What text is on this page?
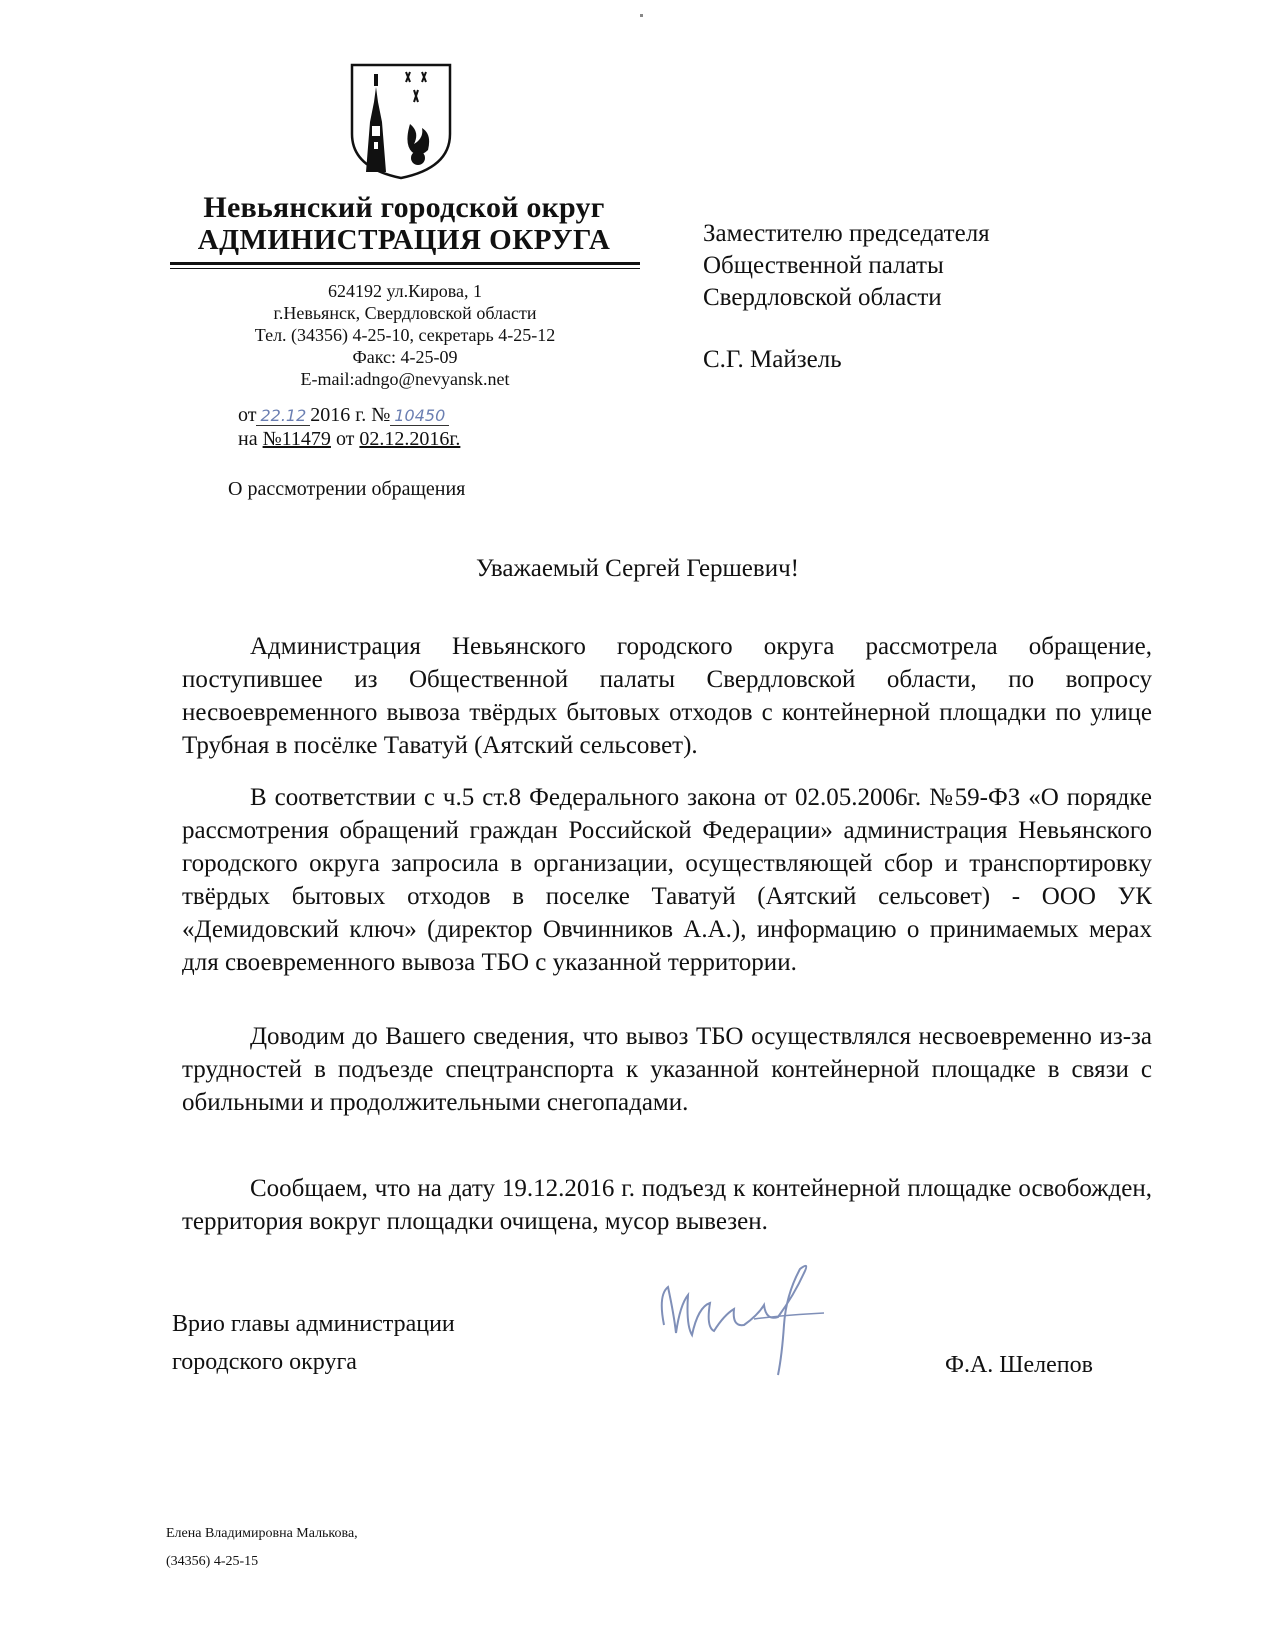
Невьянский городской округ
АДМИНИСТРАЦИЯ ОКРУГА
624192 ул.Кирова, 1
г.Невьянск, Свердловской области
Тел. (34356) 4-25-10, секретарь 4-25-12
Факс: 4-25-09
E-mail:adngo@nevyansk.net
от 22.12 2016 г. № 10450
на №11479 от 02.12.2016г.
О рассмотрении обращения
Заместителю председателя
Общественной палаты
Свердловской области
С.Г. Майзель
Уважаемый Сергей Гершевич!
Администрация Невьянского городского округа рассмотрела обращение, поступившее из Общественной палаты Свердловской области, по вопросу несвоевременного вывоза твёрдых бытовых отходов с контейнерной площадки по улице Трубная в посёлке Таватуй (Аятский сельсовет).
В соответствии с ч.5 ст.8 Федерального закона от 02.05.2006г. №59-ФЗ «О порядке рассмотрения обращений граждан Российской Федерации» администрация Невьянского городского округа запросила в организации, осуществляющей сбор и транспортировку твёрдых бытовых отходов в поселке Таватуй (Аятский сельсовет) - ООО УК «Демидовский ключ» (директор Овчинников А.А.), информацию о принимаемых мерах для своевременного вывоза ТБО с указанной территории.
Доводим до Вашего сведения, что вывоз ТБО осуществлялся несвоевременно из-за трудностей в подъезде спецтранспорта к указанной контейнерной площадке в связи с обильными и продолжительными снегопадами.
Сообщаем, что на дату 19.12.2016 г. подъезд к контейнерной площадке освобожден, территория вокруг площадки очищена, мусор вывезен.
Врио главы администрации
городского округа	Ф.А. Шелепов
Елена Владимировна Малькова,
(34356) 4-25-15
